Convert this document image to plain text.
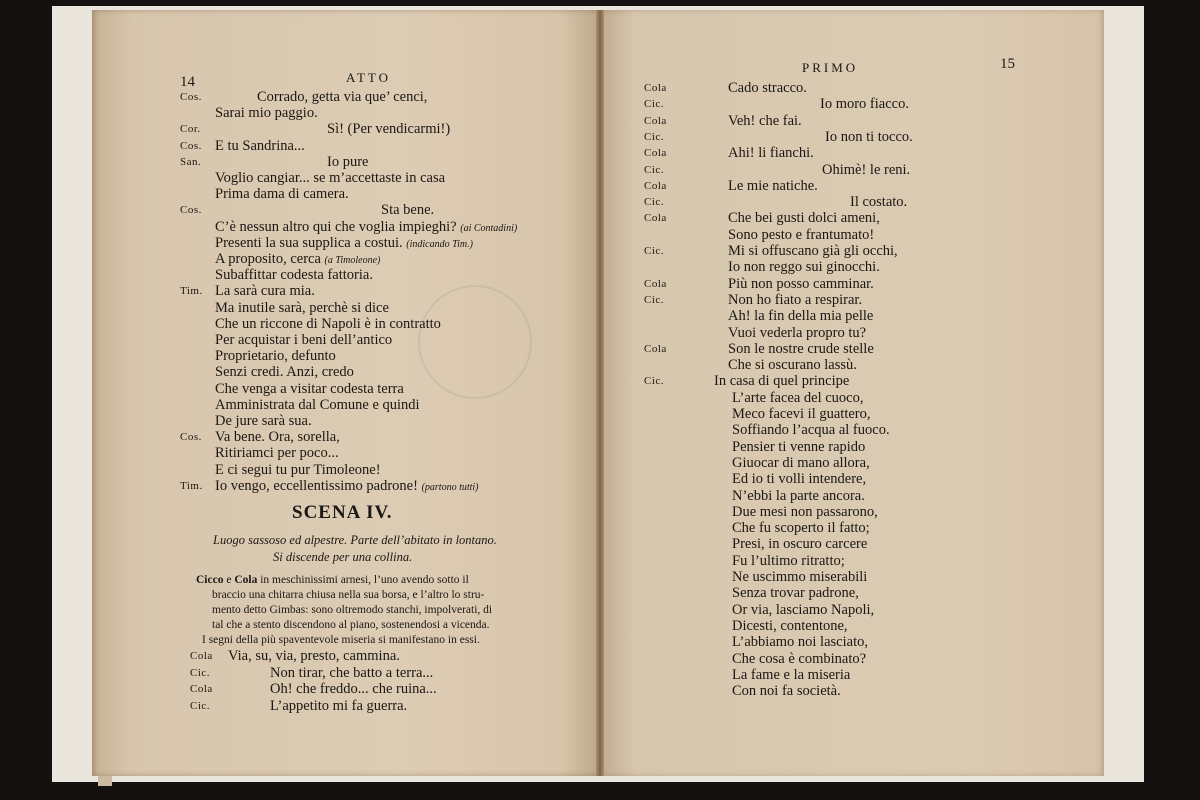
14	ATTO
Cos.	Corrado, getta via que’ cenci,
Sarai mio paggio.
Cor.	Sì! (Per vendicarmi!)
Cos. E tu Sandrina...
San.	Io pure
Voglio cangiar... se m’accettaste in casa
Prima dama di camera.
Cos.	Sta bene.
C’è nessun altro qui che voglia impieghi? (ai Contadini)
Presenti la sua supplica a costui. (indicando Tim.)
A proposito, cerca (a Timoleone)
Subaffittar codesta fattoria.
Tim. La sarà cura mia.
Ma inutile sarà, perchè si dice
Che un riccone di Napoli è in contratto
Per acquistar i beni dell’antico
Proprietario, defunto
Senzi credi. Anzi, credo
Che venga a visitar codesta terra
Amministrata dal Comune e quindi
De jure sarà sua.
Cos. Va bene. Ora, sorella,
Ritiriamci per poco...
E ci segui tu pur Timoleone!
Tim. Io vengo, eccellentissimo padrone! (partono tutti)
SCENA IV.
Luogo sassoso ed alpestre. Parte dell’abitato in lontano.
Si discende per una collina.
Cicco e Cola in meschinissimi arnesi, l’uno avendo sotto il
braccio una chitarra chiusa nella sua borsa, e l’altro lo stru-
mento detto Gimbas: sono oltremodo stanchi, impolverati, di
tal che a stento discendono al piano, sostenendosi a vicenda.
I segni della più spaventevole miseria si manifestano in essi.
Cola Via, su, via, presto, cammina.
Cic.	Non tirar, che batto a terra...
Cola	Oh! che freddo... che ruina...
Cic.	L’appetito mi fa guerra.
PRIMO	15
Cola	Cado stracco.
Cic.	Io moro fiacco.
Cola	Veh! che fai.
Cic.	Io non ti tocco.
Cola	Ahi! li fianchi.
Cic.	Ohimè! le reni.
Cola	Le mie natiche.
Cic.	Il costato.
Cola	Che bei gusti dolci ameni,
Sono pesto e frantumato!
Cic.	Mi si offuscano già gli occhi,
Io non reggo sui ginocchi.
Cola	Più non posso camminar.
Cic.	Non ho fiato a respirar.
Ah! la fin della mia pelle
Vuoi vederla propro tu?
Cola	Son le nostre crude stelle
Che si oscurano lassù.
Cic.	In casa di quel principe
L’arte facea del cuoco,
Meco facevi il guattero,
Soffiando l’acqua al fuoco.
Pensier ti venne rapido
Giuocar di mano allora,
Ed io ti volli intendere,
N’ebbi la parte ancora.
Due mesi non passarono,
Che fu scoperto il fatto;
Presi, in oscuro carcere
Fu l’ultimo ritratto;
Ne uscimmo miserabili
Senza trovar padrone,
Or via, lasciamo Napoli,
Dicesti, contentone,
L’abbiamo noi lasciato,
Che cosa è combinato?
La fame e la miseria
Con noi fa società.
